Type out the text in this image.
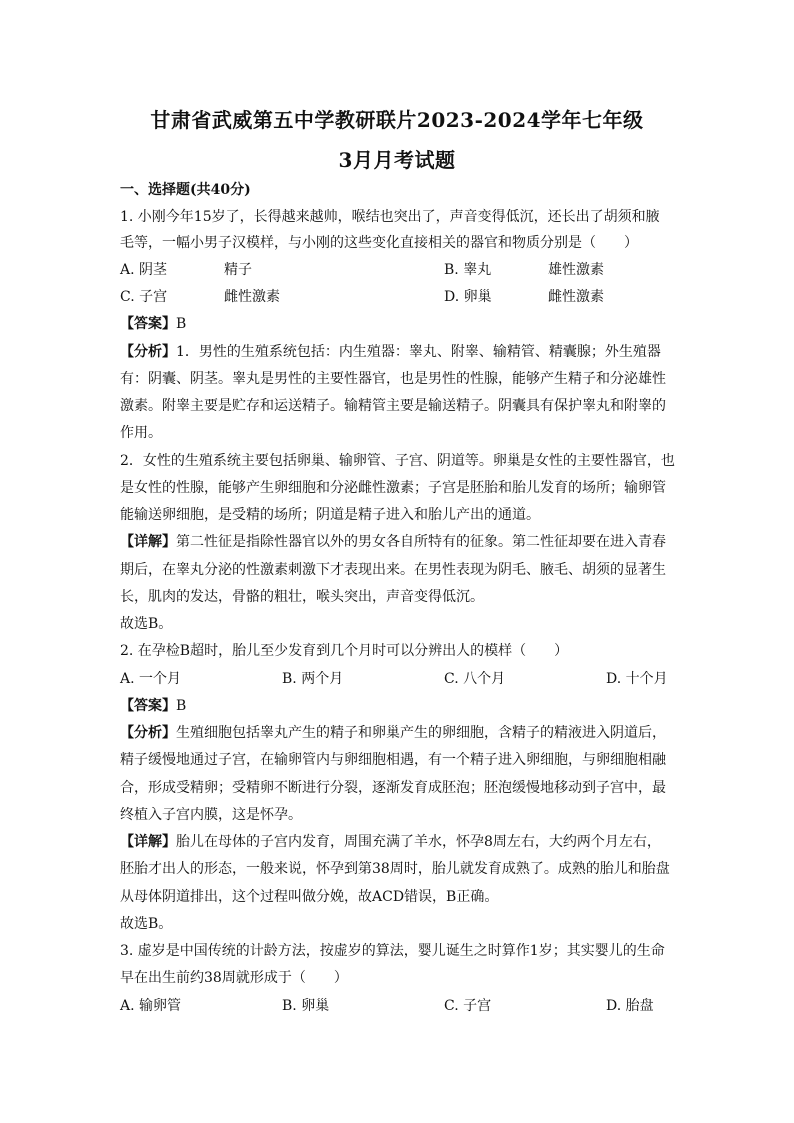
甘肃省武威第五中学教研联片2023-2024学年七年级
3月月考试题
一、选择题(共40分)
1. 小刚今年15岁了，长得越来越帅，喉结也突出了，声音变得低沉，还长出了胡须和腋
毛等，一幅小男子汉模样，与小刚的这些变化直接相关的器官和物质分别是（　　）
A. 阴茎	精子	B. 睾丸	雄性激素
C. 子宫	雌性激素	D. 卵巢	雌性激素
【答案】B
【分析】1．男性的生殖系统包括：内生殖器：睾丸、附睾、输精管、精囊腺；外生殖器
有：阴囊、阴茎。睾丸是男性的主要性器官，也是男性的性腺，能够产生精子和分泌雄性
激素。附睾主要是贮存和运送精子。输精管主要是输送精子。阴囊具有保护睾丸和附睾的
作用。
2．女性的生殖系统主要包括卵巢、输卵管、子宫、阴道等。卵巢是女性的主要性器官，也
是女性的性腺，能够产生卵细胞和分泌雌性激素；子宫是胚胎和胎儿发育的场所；输卵管
能输送卵细胞，是受精的场所；阴道是精子进入和胎儿产出的通道。
【详解】第二性征是指除性器官以外的男女各自所特有的征象。第二性征却要在进入青春
期后，在睾丸分泌的性激素刺激下才表现出来。在男性表现为阴毛、腋毛、胡须的显著生
长，肌肉的发达，骨骼的粗壮，喉头突出，声音变得低沉。
故选B。
2. 在孕检B超时，胎儿至少发育到几个月时可以分辨出人的模样（　　）
A. 一个月	B. 两个月	C. 八个月	D. 十个月
【答案】B
【分析】生殖细胞包括睾丸产生的精子和卵巢产生的卵细胞，含精子的精液进入阴道后，
精子缓慢地通过子宫，在输卵管内与卵细胞相遇，有一个精子进入卵细胞，与卵细胞相融
合，形成受精卵；受精卵不断进行分裂，逐渐发育成胚泡；胚泡缓慢地移动到子宫中，最
终植入子宫内膜，这是怀孕。
【详解】胎儿在母体的子宫内发育，周围充满了羊水，怀孕8周左右，大约两个月左右，
胚胎才出人的形态，一般来说，怀孕到第38周时，胎儿就发育成熟了。成熟的胎儿和胎盘
从母体阴道排出，这个过程叫做分娩，故ACD错误，B正确。
故选B。
3. 虚岁是中国传统的计龄方法，按虚岁的算法，婴儿诞生之时算作1岁；其实婴儿的生命
早在出生前约38周就形成于（　　）
A. 输卵管	B. 卵巢	C. 子宫	D. 胎盘
